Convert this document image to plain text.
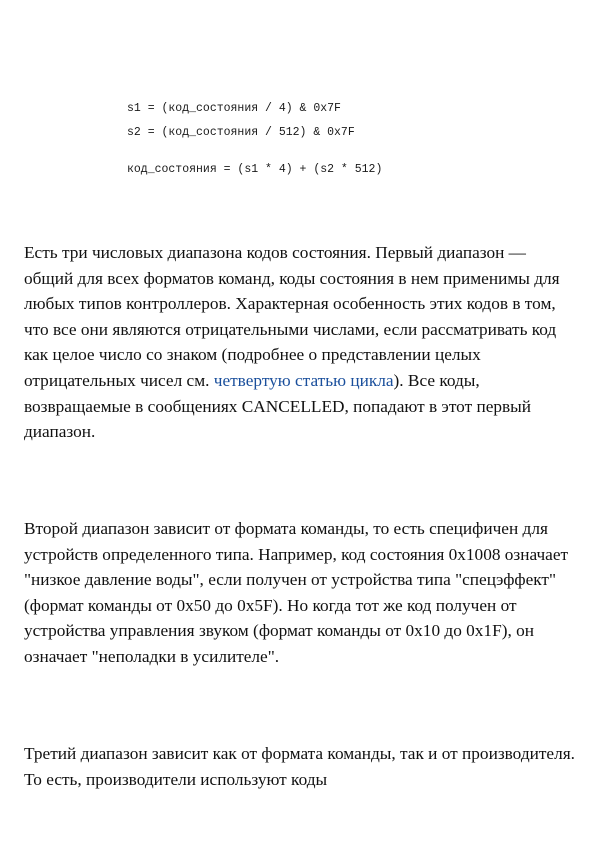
s1 = (код_состояния / 4) & 0x7F
s2 = (код_состояния / 512) & 0x7F
код_состояния = (s1 * 4) + (s2 * 512)

Есть три числовых диапазона кодов состояния. Первый диапазон — общий для всех форматов команд, коды состояния в нем применимы для любых типов контроллеров. Характерная особенность этих кодов в том, что все они являются отрицательными числами, если рассматривать код как целое число со знаком (подробнее о представлении целых отрицательных чисел см. четвертую статью цикла). Все коды, возвращаемые в сообщениях CANCELLED, попадают в этот первый диапазон.

Второй диапазон зависит от формата команды, то есть специфичен для устройств определенного типа. Например, код состояния 0x1008 означает "низкое давление воды", если получен от устройства типа "спецэффект" (формат команды от 0x50 до 0x5F). Но когда тот же код получен от устройства управления звуком (формат команды от 0x10 до 0x1F), он означает "неполадки в усилителе".

Третий диапазон зависит как от формата команды, так и от производителя. То есть, производители используют коды
